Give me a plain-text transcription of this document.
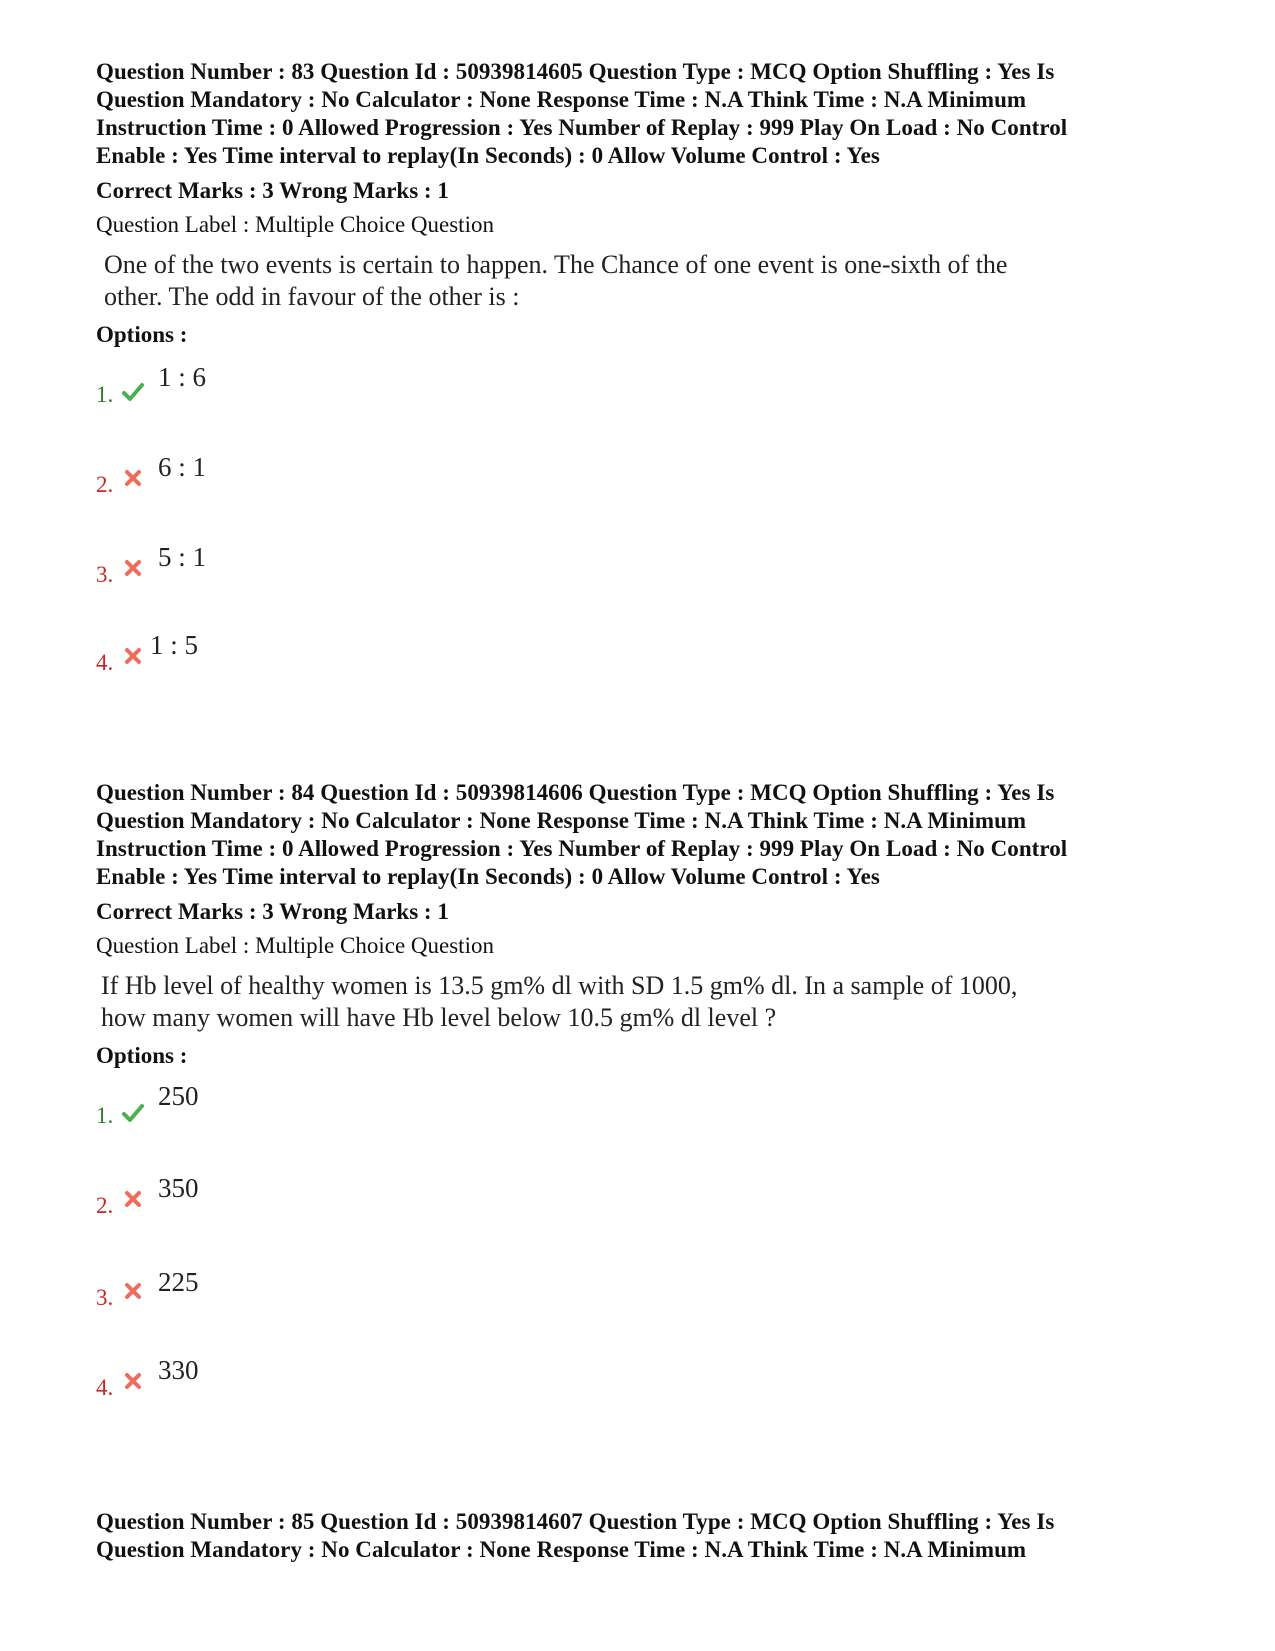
Question Number : 83 Question Id : 50939814605 Question Type : MCQ Option Shuffling : Yes Is
Question Mandatory : No Calculator : None Response Time : N.A Think Time : N.A Minimum
Instruction Time : 0 Allowed Progression : Yes Number of Replay : 999 Play On Load : No Control
Enable : Yes Time interval to replay(In Seconds) : 0 Allow Volume Control : Yes
Correct Marks : 3 Wrong Marks : 1
Question Label : Multiple Choice Question
One of the two events is certain to happen. The Chance of one event is one-sixth of the
other. The odd in favour of the other is :
Options :
1.
1 : 6
2.
6 : 1
3.
5 : 1
4.
1 : 5
Question Number : 84 Question Id : 50939814606 Question Type : MCQ Option Shuffling : Yes Is
Question Mandatory : No Calculator : None Response Time : N.A Think Time : N.A Minimum
Instruction Time : 0 Allowed Progression : Yes Number of Replay : 999 Play On Load : No Control
Enable : Yes Time interval to replay(In Seconds) : 0 Allow Volume Control : Yes
Correct Marks : 3 Wrong Marks : 1
Question Label : Multiple Choice Question
If Hb level of healthy women is 13.5 gm% dl with SD 1.5 gm% dl. In a sample of 1000,
how many women will have Hb level below 10.5 gm% dl level ?
Options :
1.
250
2.
350
3.
225
4.
330
Question Number : 85 Question Id : 50939814607 Question Type : MCQ Option Shuffling : Yes Is
Question Mandatory : No Calculator : None Response Time : N.A Think Time : N.A Minimum
